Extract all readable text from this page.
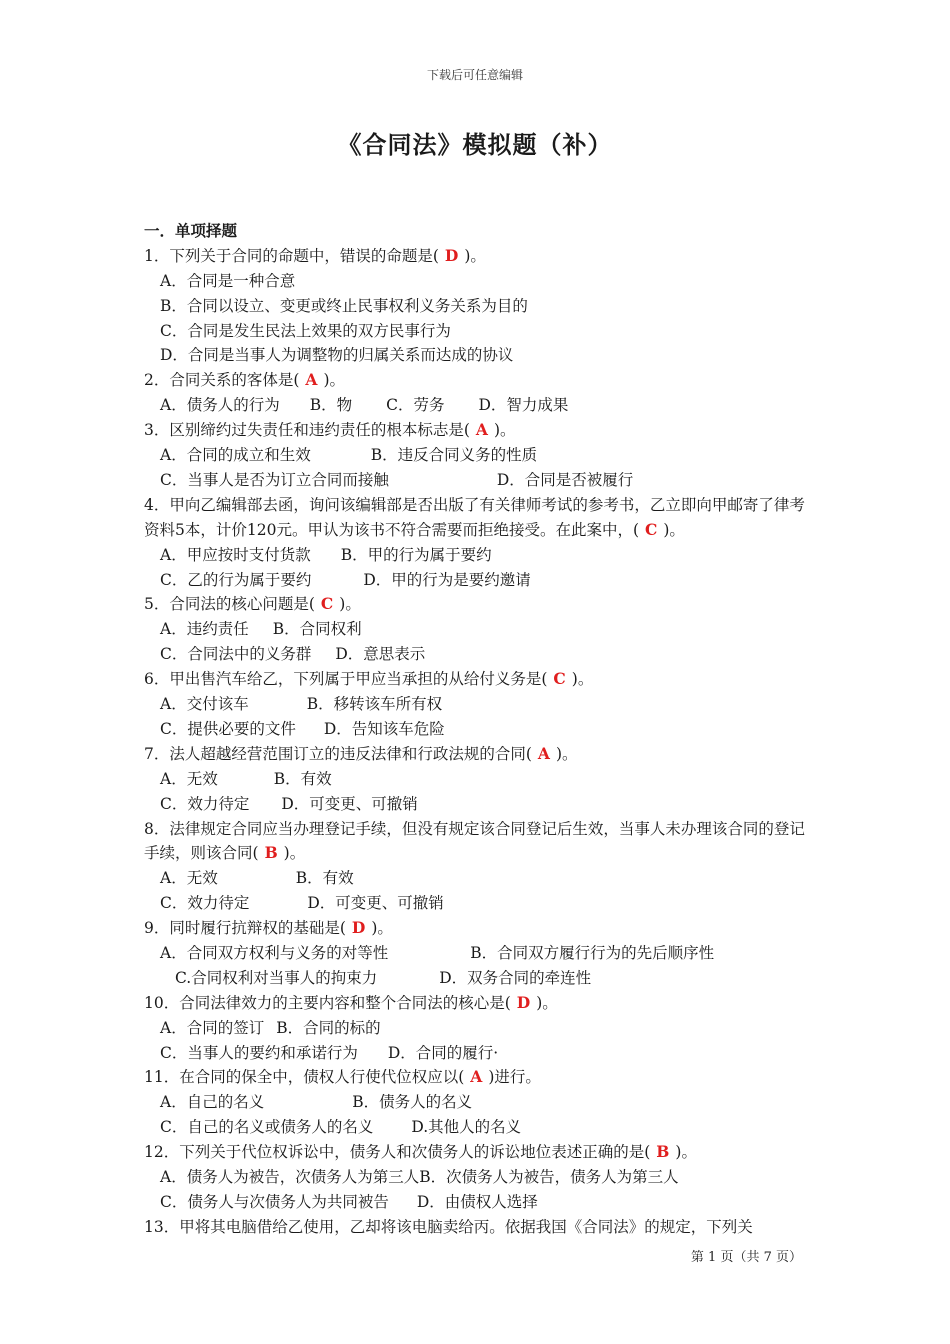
下载后可任意编辑
《合同法》模拟题（补）
一．单项择题
1．下列关于合同的命题中，错误的命题是( D )。
A．合同是一种合意
B．合同以设立、变更或终止民事权利义务关系为目的
C．合同是发生民法上效果的双方民事行为
D．合同是当事人为调整物的归属关系而达成的协议
2．合同关系的客体是( A )。
A．债务人的行为 B．物 C．劳务 D．智力成果
3．区别缔约过失责任和违约责任的根本标志是( A )。
A．合同的成立和生效	B．违反合同义务的性质
C．当事人是否为订立合同而接触	D．合同是否被履行
4．甲向乙编辑部去函，询问该编辑部是否出版了有关律师考试的参考书，乙立即向甲邮寄了律考资料5本，计价120元。甲认为该书不符合需要而拒绝接受。在此案中，( C )。
A．甲应按时支付货款 B．甲的行为属于要约
C．乙的行为属于要约	D．甲的行为是要约邀请
5．合同法的核心问题是( C )。
A．违约责任 B．合同权利
C．合同法中的义务群 D．意思表示
6．甲出售汽车给乙，下列属于甲应当承担的从给付义务是( C )。
A．交付该车	B．移转该车所有权
C．提供必要的文件 D．告知该车危险
7．法人超越经营范围订立的违反法律和行政法规的合同( A )。
A．无效	B．有效
C．效力待定 D．可变更、可撤销
8．法律规定合同应当办理登记手续，但没有规定该合同登记后生效，当事人未办理该合同的登记手续，则该合同( B )。
A．无效	B．有效
C．效力待定	D．可变更、可撤销
9．同时履行抗辩权的基础是( D )。
A．合同双方权利与义务的对等性	B．合同双方履行行为的先后顺序性
C.合同权利对当事人的拘束力	D．双务合同的牵连性
10．合同法律效力的主要内容和整个合同法的核心是( D )。
A．合同的签订 B．合同的标的
C．当事人的要约和承诺行为 D．合同的履行·
11．在合同的保全中，债权人行使代位权应以( A )进行。
A．自己的名义	B．债务人的名义
C．自己的名义或债务人的名义 D.其他人的名义
12．下列关于代位权诉讼中，债务人和次债务人的诉讼地位表述正确的是( B )。
A．债务人为被告，次债务人为第三人B．次债务人为被告，债务人为第三人
C．债务人与次债务人为共同被告 D．由债权人选择
13．甲将其电脑借给乙使用，乙却将该电脑卖给丙。依据我国《合同法》的规定，下列关
第 1 页（共 7 页）
